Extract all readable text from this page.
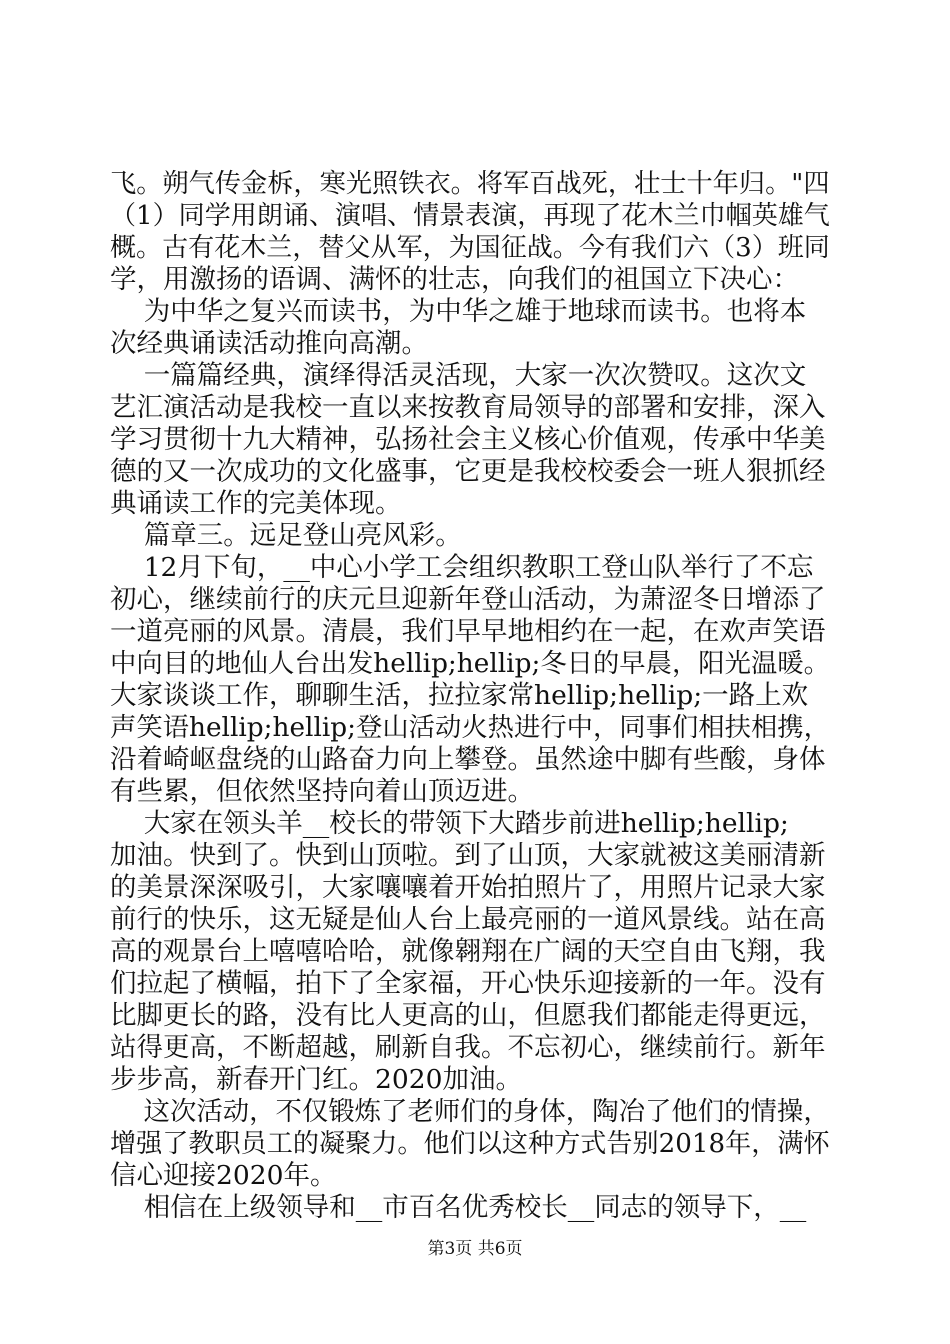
飞。朔气传金柝，寒光照铁衣。将军百战死，壮士十年归。"四
（1）同学用朗诵、演唱、情景表演，再现了花木兰巾帼英雄气
概。古有花木兰，替父从军，为国征战。今有我们六（3）班同
学，用激扬的语调、满怀的壮志，向我们的祖国立下决心：
为中华之复兴而读书，为中华之雄于地球而读书。也将本
次经典诵读活动推向高潮。
一篇篇经典，演绎得活灵活现，大家一次次赞叹。这次文
艺汇演活动是我校一直以来按教育局领导的部署和安排，深入
学习贯彻十九大精神，弘扬社会主义核心价值观，传承中华美
德的又一次成功的文化盛事，它更是我校校委会一班人狠抓经
典诵读工作的完美体现。
篇章三。远足登山亮风彩。
12月下旬，__中心小学工会组织教职工登山队举行了不忘
初心，继续前行的庆元旦迎新年登山活动，为萧涩冬日增添了
一道亮丽的风景。清晨，我们早早地相约在一起，在欢声笑语
中向目的地仙人台出发hellip;hellip;冬日的早晨，阳光温暖。
大家谈谈工作，聊聊生活，拉拉家常hellip;hellip;一路上欢
声笑语hellip;hellip;登山活动火热进行中，同事们相扶相携，
沿着崎岖盘绕的山路奋力向上攀登。虽然途中脚有些酸，身体
有些累，但依然坚持向着山顶迈进。
大家在领头羊__校长的带领下大踏步前进hellip;hellip;
加油。快到了。快到山顶啦。到了山顶，大家就被这美丽清新
的美景深深吸引，大家嚷嚷着开始拍照片了，用照片记录大家
前行的快乐，这无疑是仙人台上最亮丽的一道风景线。站在高
高的观景台上嘻嘻哈哈，就像翱翔在广阔的天空自由飞翔，我
们拉起了横幅，拍下了全家福，开心快乐迎接新的一年。没有
比脚更长的路，没有比人更高的山，但愿我们都能走得更远，
站得更高，不断超越，刷新自我。不忘初心，继续前行。新年
步步高，新春开门红。2020加油。
这次活动，不仅锻炼了老师们的身体，陶冶了他们的情操，
增强了教职员工的凝聚力。他们以这种方式告别2018年，满怀
信心迎接2020年。
相信在上级领导和__市百名优秀校长__同志的领导下，__
第3页 共6页
